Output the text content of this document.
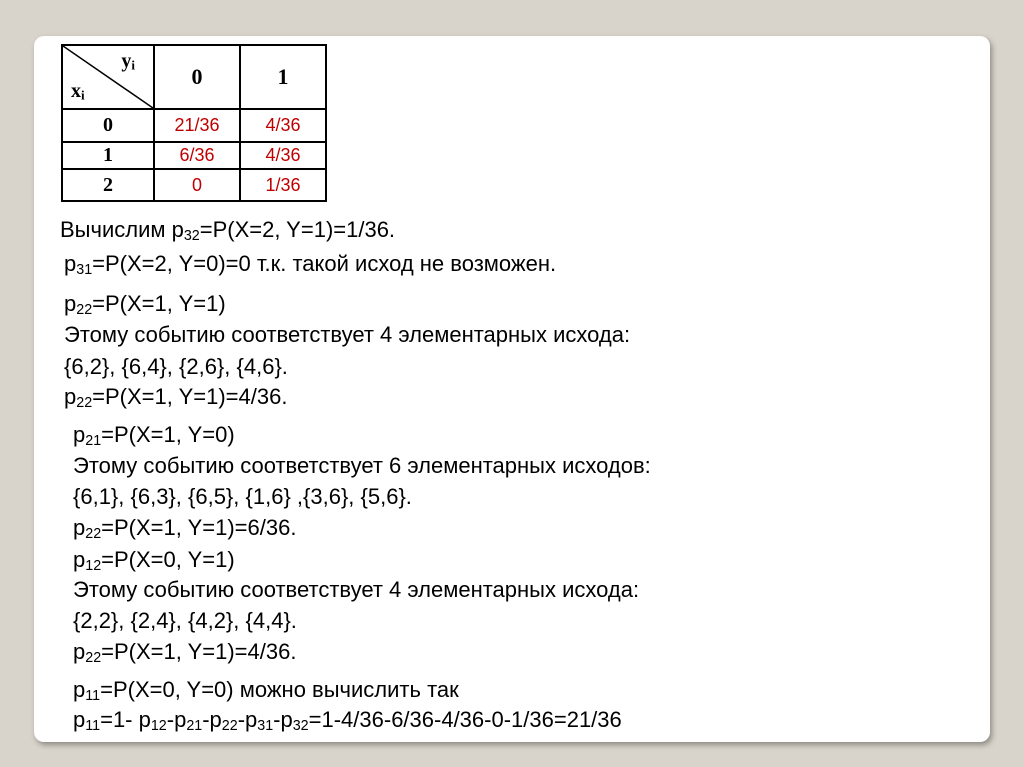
$y_i$
$x_i$	0	1
0	21/36	4/36
1	6/36	4/36
2	0	1/36
Вычислим $p_{32}=P(X=2$, Y=1)=1/36.
$p_{31}=P(X=2$, Y=0)=0 т.к. такой исход не возможен.
$p_{22}=P(X=1$, Y=1)
Этому событию соответствует 4 элементарных исхода:
{6,2}, {6,4}, {2,6}, {4,6}.
$p_{22}=P(X=1$, Y=1)=4/36.
$p_{21}=P(X=1$, Y=0)
Этому событию соответствует 6 элементарных исходов:
{6,1}, {6,3}, {6,5}, {1,6} ,{3,6}, {5,6}.
$p_{22}=P(X=1$, Y=1)=6/36.
$p_{12}=P(X=0$, Y=1)
Этому событию соответствует 4 элементарных исхода:
{2,2}, {2,4}, {4,2}, {4,4}.
$p_{22}=P(X=1$, Y=1)=4/36.
$p_{11}=P(X=0$, Y=0) можно вычислить так
$p_{11}=1-$ $p_{12}-p_{21}-p_{22}-p_{31}-p_{32}=1-4/36-6/36-4/36-0-1/36=21/36$
